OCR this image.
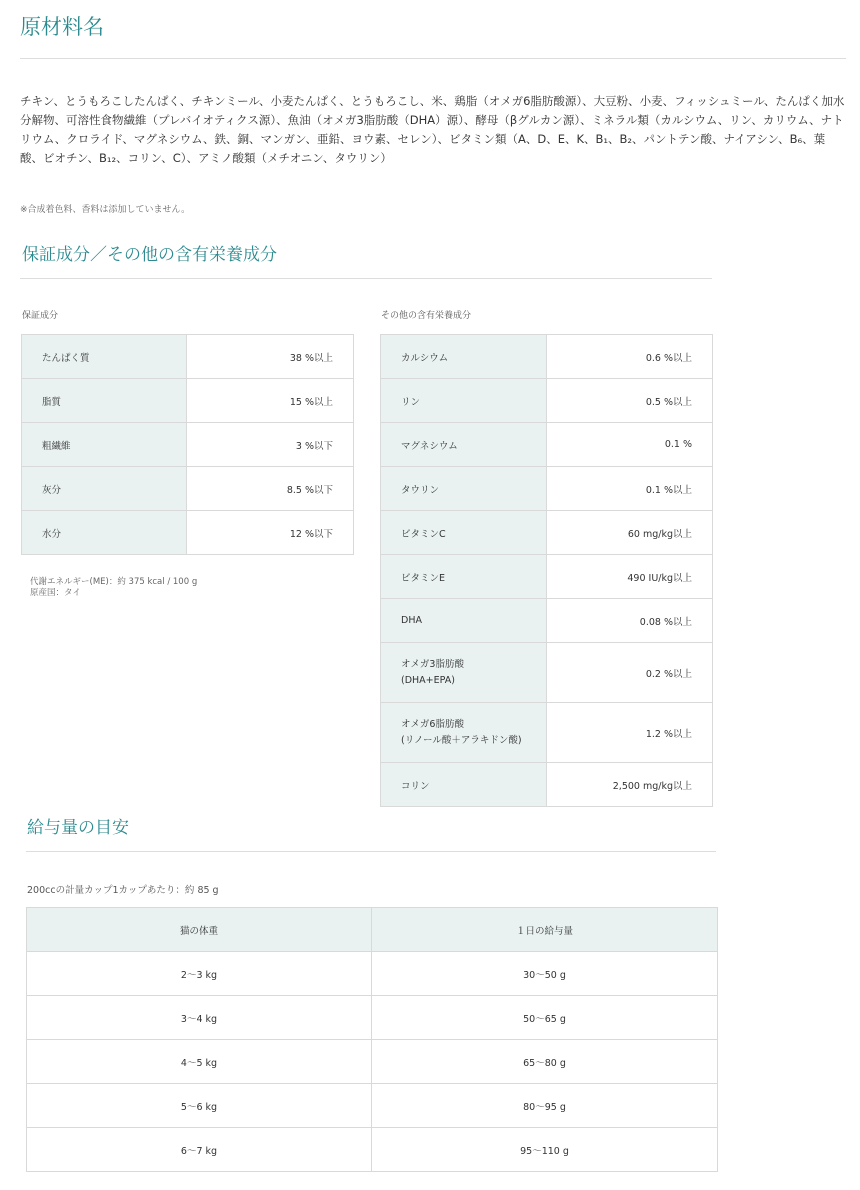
原材料名

チキン、とうもろこしたんぱく、チキンミール、小麦たんぱく、とうもろこし、米、鶏脂（オメガ6脂肪酸源）、大豆粉、小麦、フィッシュミール、たんぱく加水分解物、可溶性食物繊維（プレバイオティクス源）、魚油（オメガ3脂肪酸（DHA）源）、酵母（βグルカン源）、ミネラル類（カルシウム、リン、カリウム、ナトリウム、クロライド、マグネシウム、鉄、銅、マンガン、亜鉛、ヨウ素、セレン）、ビタミン類（A、D、E、K、B₁、B₂、パントテン酸、ナイアシン、B₆、葉酸、ビオチン、B₁₂、コリン、C）、アミノ酸類（メチオニン、タウリン）

※合成着色料、香料は添加していません。
保証成分／その他の含有栄養成分
保証成分	その他の含有栄養成分
たんぱく質	38 %以上
脂質	15 %以上
粗繊維	3 %以下
灰分	8.5 %以下
水分	12 %以下
代謝エネルギー(ME)：約 375 kcal / 100 g
原産国：タイ
カルシウム	0.6 %以上
リン	0.5 %以上
マグネシウム	0.1 %
タウリン	0.1 %以上
ビタミンC	60 mg/kg以上
ビタミンE	490 IU/kg以上
DHA	0.08 %以上
オメガ3脂肪酸
(DHA+EPA)	0.2 %以上
オメガ6脂肪酸
(リノール酸＋アラキドン酸)	1.2 %以上
コリン	2,500 mg/kg以上
給与量の目安
200ccの計量カップ1カップあたり：約 85 g
猫の体重	１日の給与量
2〜3 kg	30〜50 g
3〜4 kg	50〜65 g
4〜5 kg	65〜80 g
5〜6 kg	80〜95 g
6〜7 kg	95〜110 g
